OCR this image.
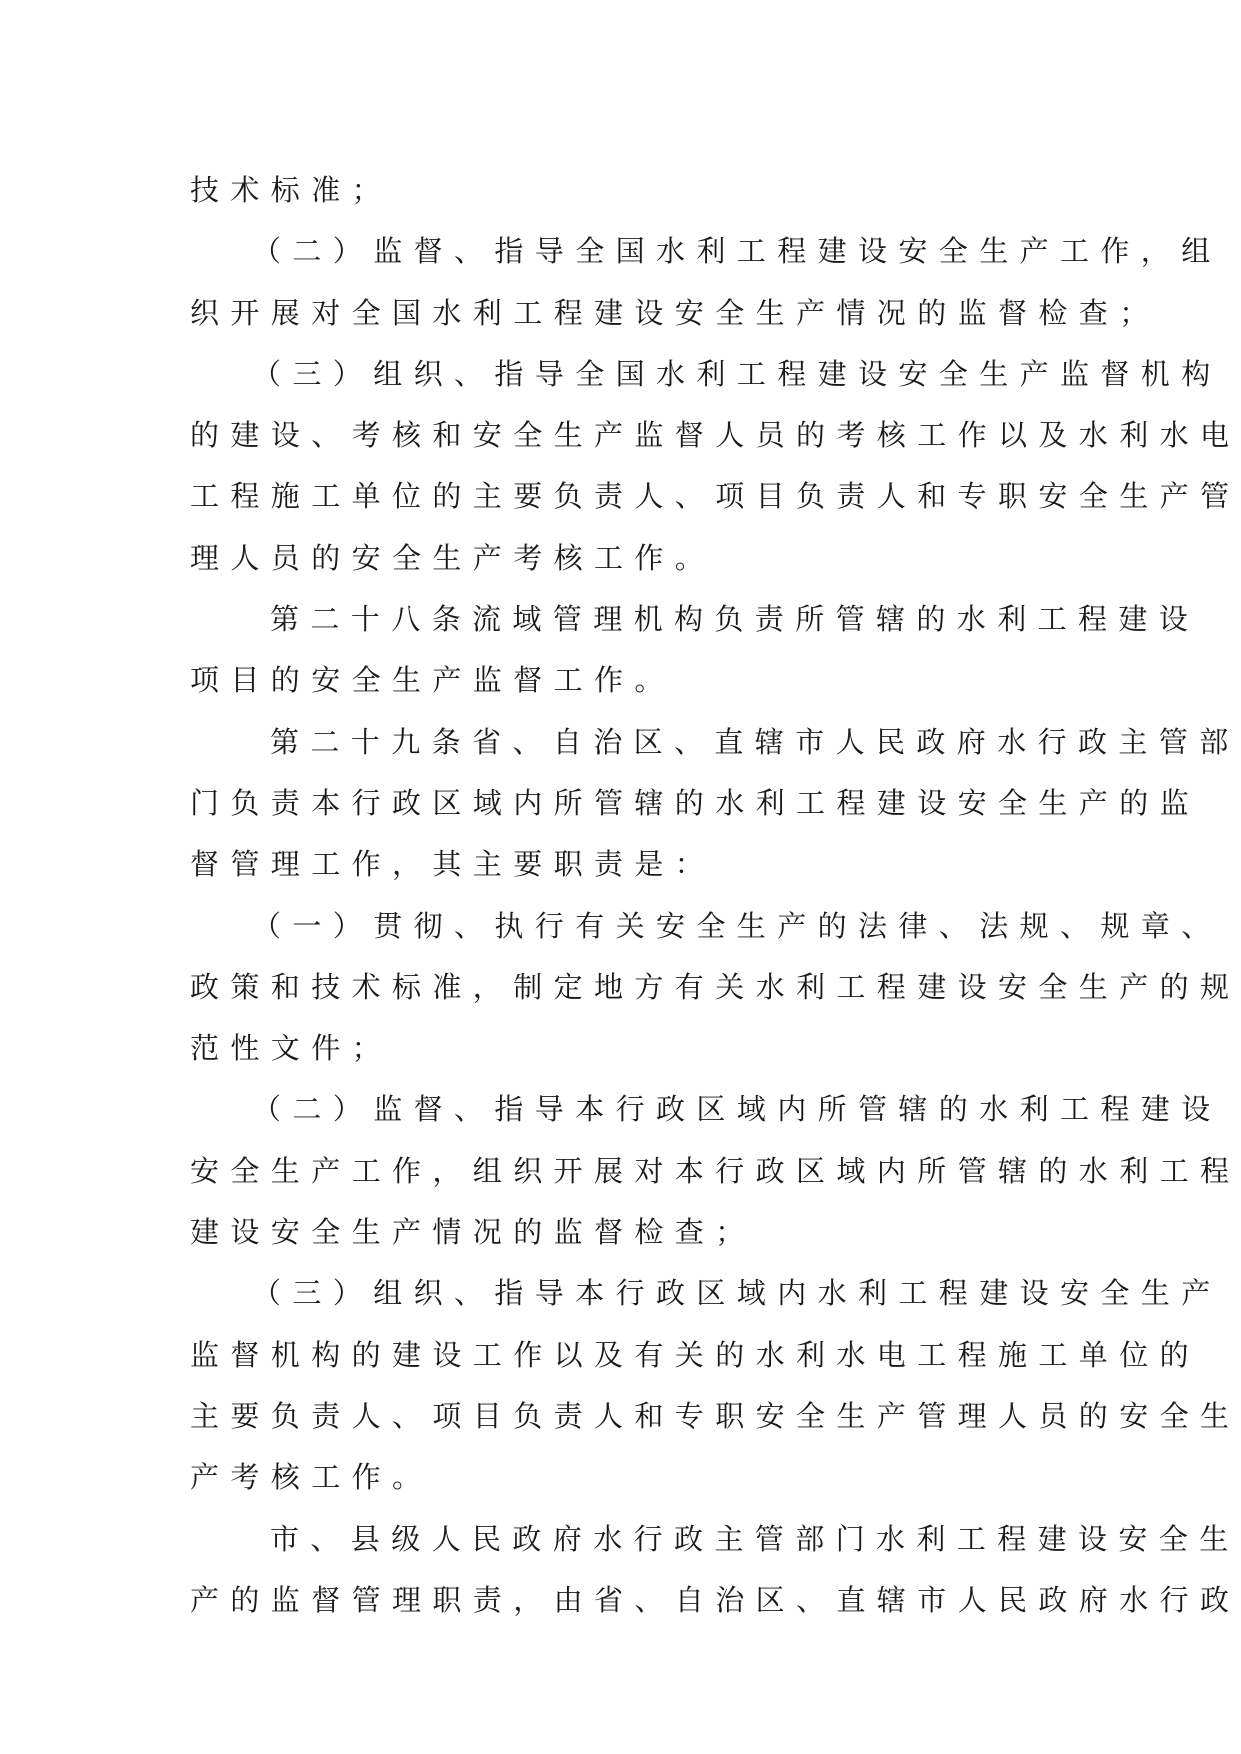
技术标准；
（二）监督、指导全国水利工程建设安全生产工作，组
织开展对全国水利工程建设安全生产情况的监督检查；
（三）组织、指导全国水利工程建设安全生产监督机构
的建设、考核和安全生产监督人员的考核工作以及水利水电
工程施工单位的主要负责人、项目负责人和专职安全生产管
理人员的安全生产考核工作。
第二十八条流域管理机构负责所管辖的水利工程建设
项目的安全生产监督工作。
第二十九条省、自治区、直辖市人民政府水行政主管部
门负责本行政区域内所管辖的水利工程建设安全生产的监
督管理工作，其主要职责是：
（一）贯彻、执行有关安全生产的法律、法规、规章、
政策和技术标准，制定地方有关水利工程建设安全生产的规
范性文件；
（二）监督、指导本行政区域内所管辖的水利工程建设
安全生产工作，组织开展对本行政区域内所管辖的水利工程
建设安全生产情况的监督检查；
（三）组织、指导本行政区域内水利工程建设安全生产
监督机构的建设工作以及有关的水利水电工程施工单位的
主要负责人、项目负责人和专职安全生产管理人员的安全生
产考核工作。
市、县级人民政府水行政主管部门水利工程建设安全生
产的监督管理职责，由省、自治区、直辖市人民政府水行政
